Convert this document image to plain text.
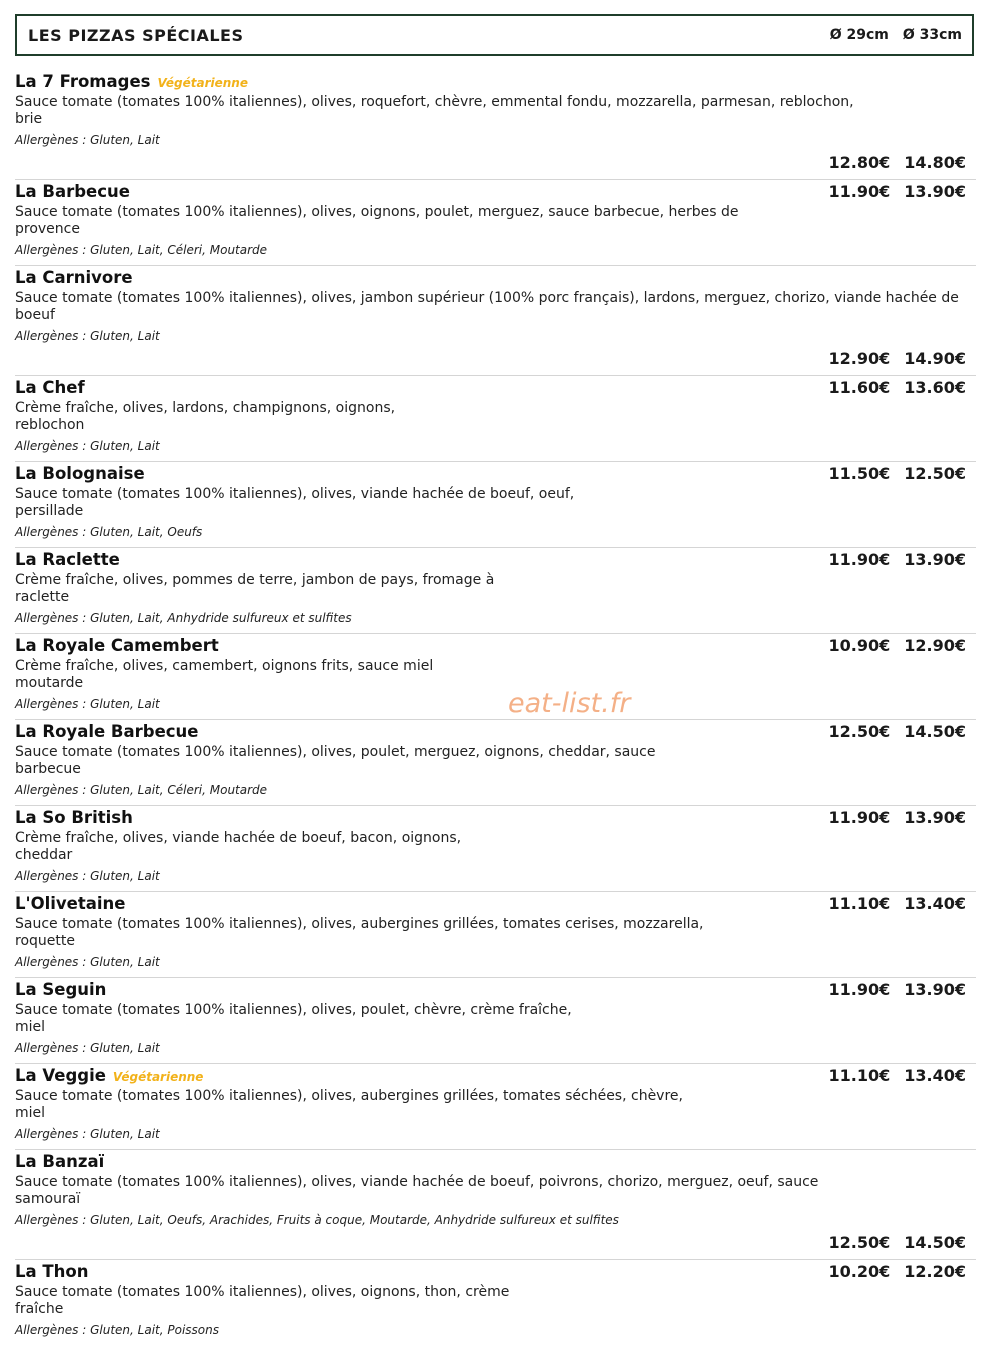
LES PIZZAS SPÉCIALES	Ø 29cm Ø 33cm
La 7 Fromages Végétarienne
Sauce tomate (tomates 100% italiennes), olives, roquefort, chèvre, emmental fondu, mozzarella, parmesan, reblochon, brie
Allergènes : Gluten, Lait
12.80€ 14.80€
La Barbecue
Sauce tomate (tomates 100% italiennes), olives, oignons, poulet, merguez, sauce barbecue, herbes de provence
Allergènes : Gluten, Lait, Céleri, Moutarde
11.90€ 13.90€
La Carnivore
Sauce tomate (tomates 100% italiennes), olives, jambon supérieur (100% porc français), lardons, merguez, chorizo, viande hachée de boeuf
Allergènes : Gluten, Lait
12.90€ 14.90€
La Chef
Crème fraîche, olives, lardons, champignons, oignons, reblochon
Allergènes : Gluten, Lait
11.60€ 13.60€
La Bolognaise
Sauce tomate (tomates 100% italiennes), olives, viande hachée de boeuf, oeuf, persillade
Allergènes : Gluten, Lait, Oeufs
11.50€ 12.50€
La Raclette
Crème fraîche, olives, pommes de terre, jambon de pays, fromage à raclette
Allergènes : Gluten, Lait, Anhydride sulfureux et sulfites
11.90€ 13.90€
La Royale Camembert
Crème fraîche, olives, camembert, oignons frits, sauce miel moutarde
Allergènes : Gluten, Lait
10.90€ 12.90€
La Royale Barbecue
Sauce tomate (tomates 100% italiennes), olives, poulet, merguez, oignons, cheddar, sauce barbecue
Allergènes : Gluten, Lait, Céleri, Moutarde
12.50€ 14.50€
La So British
Crème fraîche, olives, viande hachée de boeuf, bacon, oignons, cheddar
Allergènes : Gluten, Lait
11.90€ 13.90€
L'Olivetaine
Sauce tomate (tomates 100% italiennes), olives, aubergines grillées, tomates cerises, mozzarella, roquette
Allergènes : Gluten, Lait
11.10€ 13.40€
La Seguin
Sauce tomate (tomates 100% italiennes), olives, poulet, chèvre, crème fraîche, miel
Allergènes : Gluten, Lait
11.90€ 13.90€
La Veggie Végétarienne
Sauce tomate (tomates 100% italiennes), olives, aubergines grillées, tomates séchées, chèvre, miel
Allergènes : Gluten, Lait
11.10€ 13.40€
La Banzaï
Sauce tomate (tomates 100% italiennes), olives, viande hachée de boeuf, poivrons, chorizo, merguez, oeuf, sauce samouraï
Allergènes : Gluten, Lait, Oeufs, Arachides, Fruits à coque, Moutarde, Anhydride sulfureux et sulfites
12.50€ 14.50€
La Thon
Sauce tomate (tomates 100% italiennes), olives, oignons, thon, crème fraîche
Allergènes : Gluten, Lait, Poissons
10.20€ 12.20€
eat-list.fr
